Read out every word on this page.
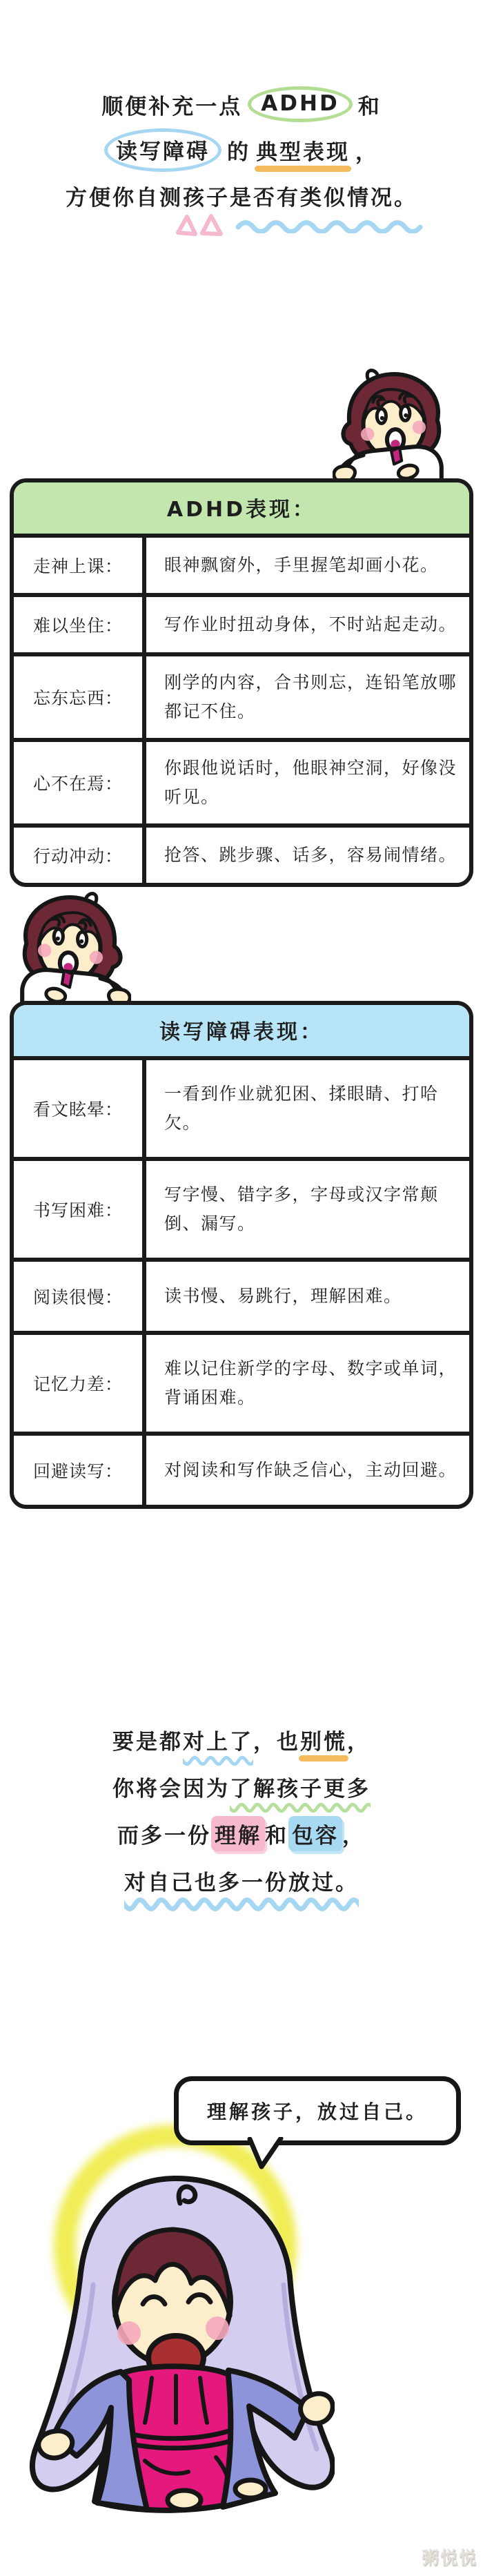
顺便补充一点 ADHD 和
读写障碍 的 典型表现 ，
方便你自测孩子是否有类似情况。
ADHD表现：
走神上课：	眼神飘窗外，手里握笔却画小花。
难以坐住：	写作业时扭动身体，不时站起走动。
忘东忘西：
刚学的内容，合书则忘，连铅笔放哪都记不住。
心不在焉：
你跟他说话时，他眼神空洞，好像没听见。
行动冲动：	抢答、跳步骤、话多，容易闹情绪。
读写障碍表现：
看文眩晕：
一看到作业就犯困、揉眼睛、打哈欠。
书写困难：
写字慢、错字多，字母或汉字常颠倒、漏写。
阅读很慢：	读书慢、易跳行，理解困难。
记忆力差：
难以记住新学的字母、数字或单词，背诵困难。
回避读写：	对阅读和写作缺乏信心，主动回避。
要是都 对上了 ，也 别慌 ，
你将会因为 了解孩子更多
而多一份 理解 和 包容 ，
对自己也多一份放过。
理解孩子，放过自己。
粥悦悦
